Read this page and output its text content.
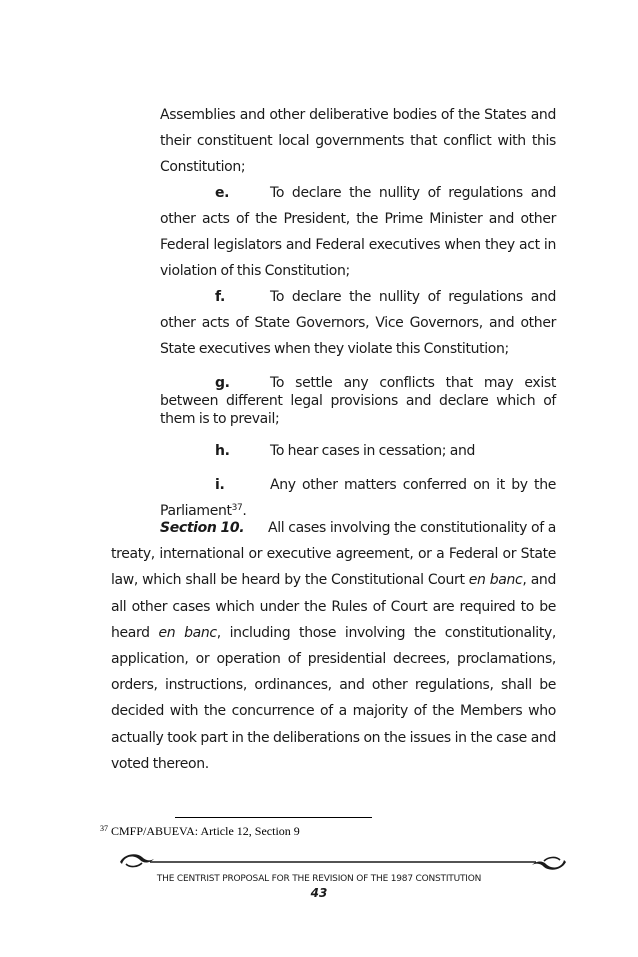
Assemblies and other deliberative bodies of the States and their constituent local governments that conflict with this Constitution;

e.	To declare the nullity of regulations and other acts of the President, the Prime Minister and other Federal legislators and Federal executives when they act in violation of this Constitution;

f.	To declare the nullity of regulations and other acts of State Governors, Vice Governors, and other State executives when they violate this Constitution;

g.	To settle any conflicts that may exist between different legal provisions and declare which of them is to prevail;

h.	To hear cases in cessation; and

i.	Any other matters conferred on it by the Parliament$^{37}$.

Section 10. All cases involving the constitutionality of a treaty, international or executive agreement, or a Federal or State law, which shall be heard by the Constitutional Court en banc, and all other cases which under the Rules of Court are required to be heard en banc, including those involving the constitutionality, application, or operation of presidential decrees, proclamations, orders, instructions, ordinances, and other regulations, shall be decided with the concurrence of a majority of the Members who actually took part in the deliberations on the issues in the case and voted thereon.

$^{37}$ CMFP/ABUEVA: Article 12, Section 9
THE CENTRIST PROPOSAL FOR THE REVISION OF THE 1987 CONSTITUTION
43
